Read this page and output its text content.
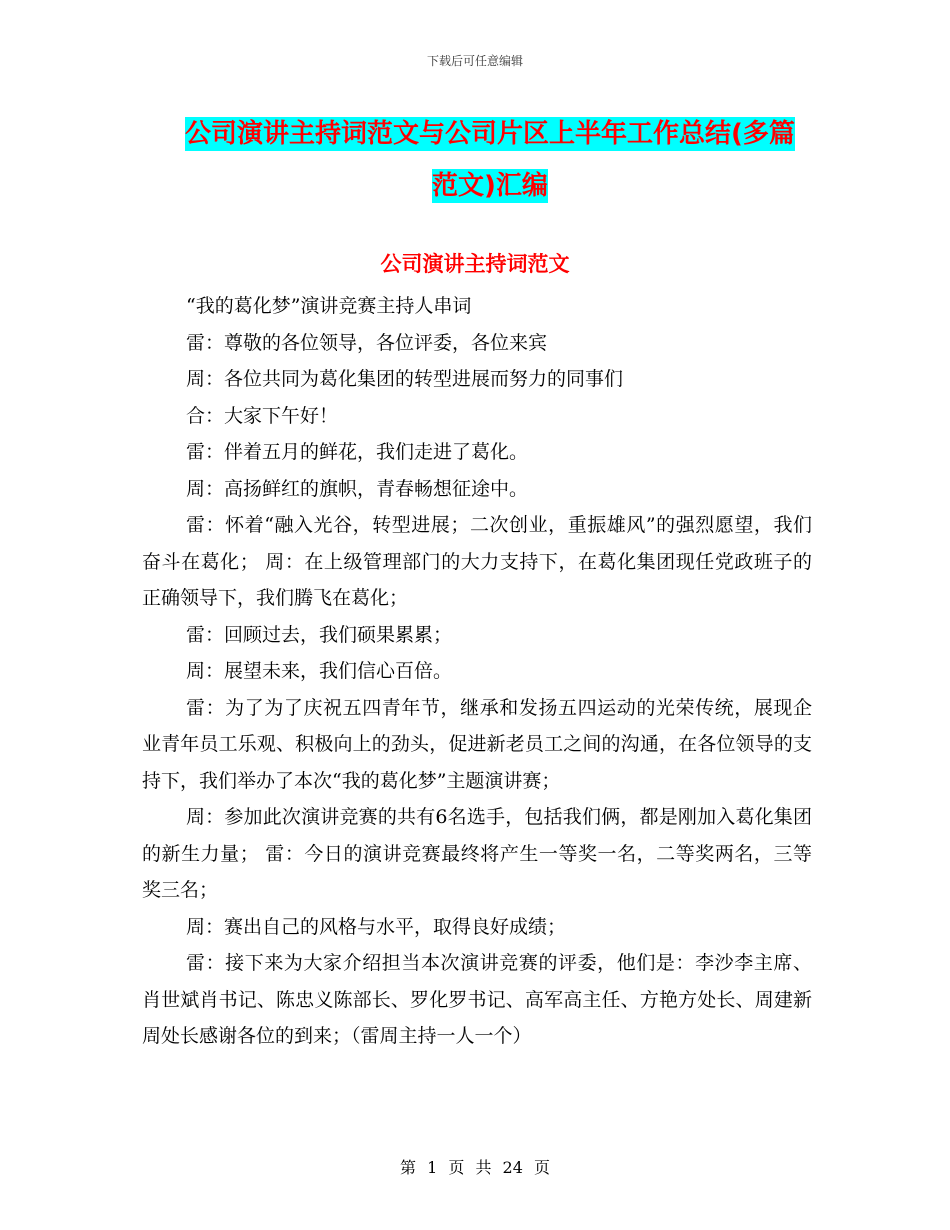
下载后可任意编辑
公司演讲主持词范文与公司片区上半年工作总结(多篇
范文)汇编
公司演讲主持词范文

“我的葛化梦”演讲竞赛主持人串词

雷：尊敬的各位领导，各位评委，各位来宾

周：各位共同为葛化集团的转型进展而努力的同事们

合：大家下午好！

雷：伴着五月的鲜花，我们走进了葛化。

周：高扬鲜红的旗帜，青春畅想征途中。

雷：怀着“融入光谷，转型进展；二次创业，重振雄风”的强烈愿望，我们奋斗在葛化； 周：在上级管理部门的大力支持下，在葛化集团现任党政班子的正确领导下，我们腾飞在葛化；

雷：回顾过去，我们硕果累累；

周：展望未来，我们信心百倍。

雷：为了为了庆祝五四青年节，继承和发扬五四运动的光荣传统，展现企业青年员工乐观、积极向上的劲头，促进新老员工之间的沟通，在各位领导的支持下，我们举办了本次“我的葛化梦”主题演讲赛；

周：参加此次演讲竞赛的共有6名选手，包括我们俩，都是刚加入葛化集团的新生力量； 雷：今日的演讲竞赛最终将产生一等奖一名，二等奖两名，三等奖三名；

周：赛出自己的风格与水平，取得良好成绩；

雷：接下来为大家介绍担当本次演讲竞赛的评委，他们是：李沙李主席、肖世斌肖书记、陈忠义陈部长、罗化罗书记、高军高主任、方艳方处长、周建新周处长感谢各位的到来；（雷周主持一人一个）

第 1 页 共 24 页
